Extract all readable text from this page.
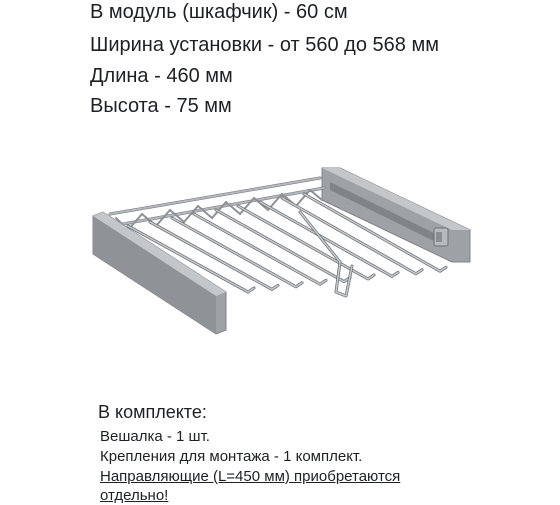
В модуль (шкафчик) - 60 см
Ширина установки - от 560 до 568 мм
Длина - 460 мм
Высота - 75 мм
В комплекте:
Вешалка - 1 шт.
Крепления для монтажа - 1 комплект.
Направляющие (L=450 мм) приобретаются
отдельно!
